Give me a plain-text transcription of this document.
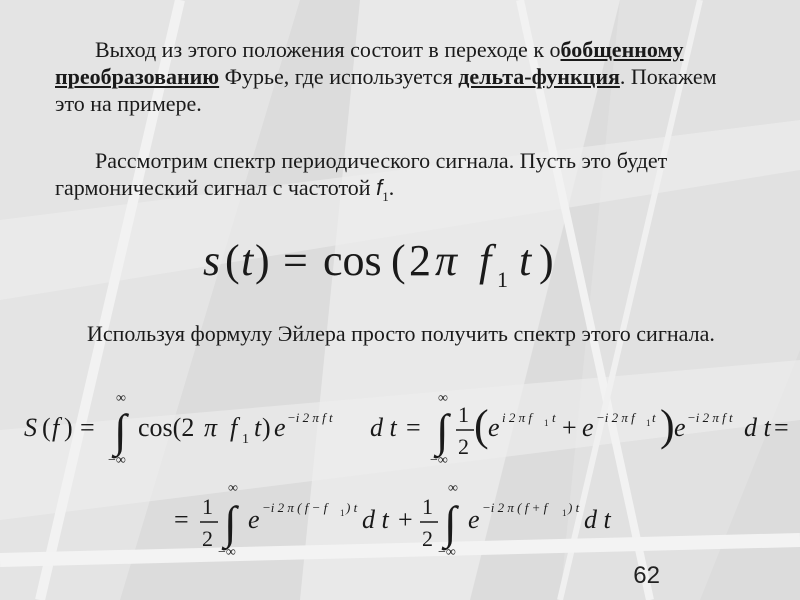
Выход из этого положения состоит в переходе к обобщенному преобразованию Фурье, где используется дельта-функция. Покажем это на примере.

Рассмотрим спектр периодического сигнала. Пусть это будет гармонический сигнал с частотой $f_1$.

s ( t ) = cos ( 2 π f 1 t )

Используя формулу Эйлера просто получить спектр этого сигнала.

S ( f ) = ∫
∞
−∞
cos(2 π f 1 t ) e −i 2 π f t d t = ∫
∞
−∞
1
2 ( e i 2 π f 1 t + e −i 2 π f 1 t ) e −i 2 π f t d t =
= 1
2 ∫
∞
−∞
e −i 2 π ( f − f 1 ) t d t + 1
2 ∫
∞
−∞
e −i 2 π ( f + f 1 ) t d t
62
